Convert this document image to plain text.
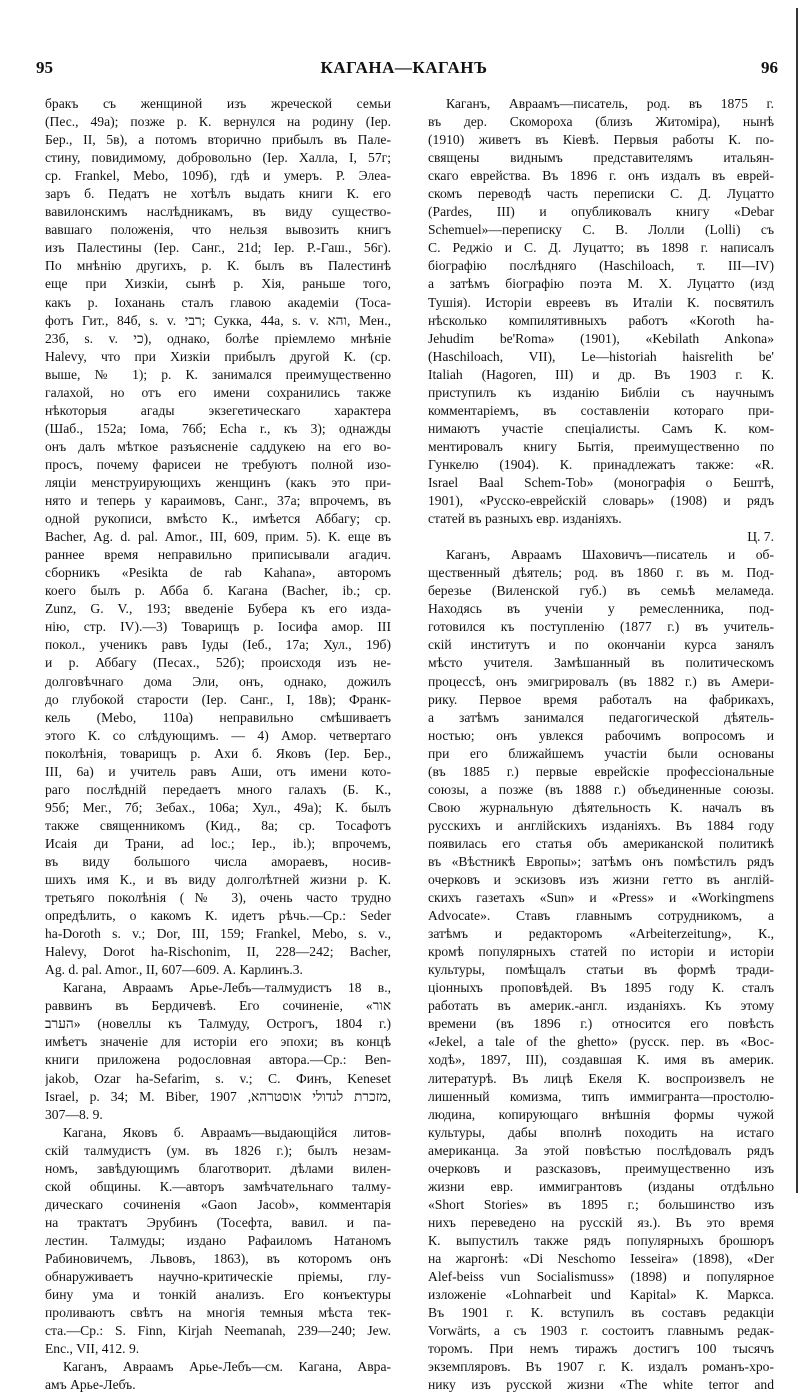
95	КАГАНА—КАГАНЪ	96
бракъ съ женщиной изъ жреческой семьи
(Пес., 49а); позже р. К. вернулся на родину (Іер.
Бер., II, 5в), а потомъ вторично прибылъ въ Пале-
стину, повидимому, добровольно (Іер. Халла, I, 57г;
ср. Frankel, Mebo, 109б), гдѣ и умеръ. Р. Элеа-
заръ б. Педатъ не хотѣлъ выдать книги К. его
вавилонскимъ наслѣдникамъ, въ виду существо-
вавшаго положенія, что нельзя вывозить книгъ
изъ Палестины (Іер. Санг., 21d; Іер. Р.-Гаш., 56г).
По мнѣнію другихъ, р. К. былъ въ Палестинѣ
еще при Хизкіи, сынѣ р. Хія, раньше того,
какъ р. Іоханань сталъ главою академіи (Тоса-
фотъ Гит., 84б, s. v. רבי; Сукка, 44а, s. v. והא, Мен.,
23б, s. v. כי), однако, болѣе пріемлемо мнѣніе
Halevy, что при Хизкіи прибылъ другой К. (ср.
выше, № 1); р. К. занимался преимущественно
галахой, но отъ его имени сохранились также
нѣкоторыя агады экзегетическаго характера
(Шаб., 152а; Іома, 76б; Еcha r., къ 3); однажды
онъ далъ мѣткое разъясненіе саддукею на его во-
просъ, почему фарисеи не требуютъ полной изо-
ляціи менструирующихъ женщинъ (какъ это при-
нято и теперь у караимовъ, Санг., 37а; впрочемъ, въ
одной рукописи, вмѣсто К., имѣется Аббагу; ср.
Bacher, Ag. d. pal. Amor., III, 609, прим. 5). К. еще въ
раннее время неправильно приписывали агадич.
сборникъ «Pesikta de rab Kahana», авторомъ
коего былъ р. Абба б. Кагана (Bacher, ib.; ср.
Zunz, G. V., 193; введеніе Бубера къ его изда-
нію, стр. IV).—3) Товарищъ р. Іосифа амор. III
покол., ученикъ равъ Іуды (Іеб., 17а; Хул., 19б)
и р. Аббагу (Песах., 52б); происходя изъ не-
долговѣчнаго дома Эли, онъ, однако, дожилъ
до глубокой старости (Іер. Санг., I, 18в); Франк-
кель (Mebo, 110а) неправильно смѣшиваетъ
этого К. со слѣдующимъ. — 4) Амор. четвертаго
поколѣнія, товарищъ р. Ахи б. Яковъ (Іер. Бер.,
III, 6а) и учитель равъ Аши, отъ имени кото-
раго послѣдній передаетъ много галахъ (Б. К.,
95б; Мег., 7б; Зебах., 106а; Хул., 49а); К. былъ
также священникомъ (Кид., 8а; ср. Тосафотъ
Исаія ди Трани, ad loc.; Іер., ib.); впрочемъ,
въ виду большого числа амораевъ, носив-
шихъ имя К., и въ виду долголѣтней жизни р. К.
третьяго поколѣнія (№ 3), очень часто трудно
опредѣлить, о какомъ К. идетъ рѣчь.—Ср.: Seder
ha-Doroth s. v.; Dor, III, 159; Frankel, Mebo, s. v.,
Halevy, Dorot ha-Rischonim, II, 228—242; Bacher,
Ag. d. pal. Amor., II, 607—609. А. Карлинъ.3.
Кагана, Авраамъ Арье-Лебъ—талмудистъ 18 в.,
раввинъ въ Бердичевѣ. Его сочиненіе, «אור
הערב» (новеллы къ Талмуду, Острогъ, 1804 г.)
имѣетъ значеніе для исторіи его эпохи; въ концѣ
книги приложена родословная автора.—Ср.: Ben-
jakob, Ozar ha-Sefarim, s. v.; С. Финъ, Keneset
Israel, p. 34; M. Biber, מזכרת לגדולי אוסטרהא, 1907,
307—8. 9.
Кагана, Яковъ б. Авраамъ—выдающійся литов-
скій талмудистъ (ум. въ 1826 г.); былъ незам-
номъ, завѣдующимъ благотворит. дѣлами вилен-
ской общины. К.—авторъ замѣчательнаго талму-
дическаго сочиненія «Gaon Jacob», комментарія
на трактатъ Эрубинъ (Тосефта, вавил. и па-
лестин. Талмуды; издано Рафаиломъ Натаномъ
Рабиновичемъ, Львовъ, 1863), въ которомъ онъ
обнаруживаетъ научно-критическіе пріемы, глу-
бину ума и тонкій анализъ. Его конъектуры
проливаютъ свѣтъ на многія темныя мѣста тек-
ста.—Ср.: S. Finn, Kirjah Neemanah, 239—240; Jew.
Enc., VII, 412. 9.
Каганъ, Авраамъ Арье-Лебъ—см. Кагана, Авра-
амъ Арье-Лебъ.
Каганъ, Авраамъ—писатель, род. въ 1875 г.
въ дер. Скомороха (близъ Житоміра), нынѣ
(1910) живетъ въ Кіевѣ. Первыя работы К. по-
священы виднымъ представителямъ итальян-
скаго еврейства. Въ 1896 г. онъ издалъ въ еврей-
скомъ переводѣ часть переписки С. Д. Луцатто
(Pardes, III) и опубликовалъ книгу «Debar
Schemuel»—переписку С. В. Лолли (Lolli) съ
С. Реджіо и С. Д. Луцатто; въ 1898 г. написалъ
біографію послѣдняго (Haschiloach, т. III—IV)
а затѣмъ біографію поэта М. Х. Луцатто (изд
Тушія). Исторіи евреевъ въ Италіи К. посвятилъ
нѣсколько компилятивныхъ работъ «Koroth ha-
Jehudim be'Roma» (1901), «Kebilath Ankona»
(Haschiloach, VII), Le—historiah haisrelith be'
Italiah (Hagoren, III) и др. Въ 1903 г. К.
приступилъ къ изданію Библіи съ научнымъ
комментаріемъ, въ составленіи котораго при-
нимаютъ участіе спеціалисты. Самъ К. ком-
ментировалъ книгу Бытія, преимущественно по
Гункелю (1904). К. принадлежатъ также: «R.
Israel Baal Schem-Tob» (монографія о Бештѣ,
1901), «Русско-еврейскій словарь» (1908) и рядъ
статей въ разныхъ евр. изданіяхъ.
Ц. 7.
Каганъ, Авраамъ Шаховичъ—писатель и об-
щественный дѣятель; род. въ 1860 г. въ м. Под-
березье (Виленской губ.) въ семьѣ меламеда.
Находясь въ ученіи у ремесленника, под-
готовился къ поступленію (1877 г.) въ учитель-
скій институтъ и по окончаніи курса занялъ
мѣсто учителя. Замѣшанный въ политическомъ
процессѣ, онъ эмигрировалъ (въ 1882 г.) въ Амери-
рику. Первое время работалъ на фабрикахъ,
а затѣмъ занимался педагогической дѣятель-
ностью; онъ увлекся рабочимъ вопросомъ и
при его ближайшемъ участіи были основаны
(въ 1885 г.) первые еврейскіе профессіональные
союзы, а позже (въ 1888 г.) объединенные союзы.
Свою журнальную дѣятельность К. началъ въ
русскихъ и англійскихъ изданіяхъ. Въ 1884 году
появилась его статья объ американской политикѣ
въ «Вѣстникѣ Европы»; затѣмъ онъ помѣстилъ рядъ
очерковъ и эскизовъ изъ жизни гетто въ англій-
скихъ газетахъ «Sun» и «Press» и «Workingmens
Advocate». Ставъ главнымъ сотрудникомъ, а
затѣмъ и редакторомъ «Arbeiterzeitung», К.,
кромѣ популярныхъ статей по исторіи и исторіи
культуры, помѣщалъ статьи въ формѣ тради-
ціонныхъ проповѣдей. Въ 1895 году К. сталъ
работать въ америк.-англ. изданіяхъ. Къ этому
времени (въ 1896 г.) относится его повѣсть
«Jekel, a tale of the ghetto» (русск. пер. въ «Вос-
ходѣ», 1897, III), создавшая К. имя въ америк.
литературѣ. Въ лицѣ Екеля К. воспроизвелъ не
лишенный комизма, типъ иммигранта—простолю-
людина, копирующаго внѣшнія формы чужой
культуры, дабы вполнѣ походить на истаго
американца. За этой повѣстью послѣдовалъ рядъ
очерковъ и разсказовъ, преимущественно изъ
жизни евр. иммигрантовъ (изданы отдѣльно
«Short Stories» въ 1895 г.; большинство изъ
нихъ переведено на русскій яз.). Въ это время
К. выпустилъ также рядъ популярныхъ брошюръ
на жаргонѣ: «Di Neschomo Iesseira» (1898), «Der
Alef-beiss vun Socialismuss» (1898) и популярное
изложеніе «Lohnarbeit und Kapital» К. Маркса.
Въ 1901 г. К. вступилъ въ составъ редакціи
Vorwärts, а съ 1903 г. состоитъ главнымъ редак-
торомъ. При немъ тиражъ достигъ 100 тысячъ
экземпляровъ. Въ 1907 г. К. издалъ романъ-хро-
нику изъ русской жизни «The white terror and
